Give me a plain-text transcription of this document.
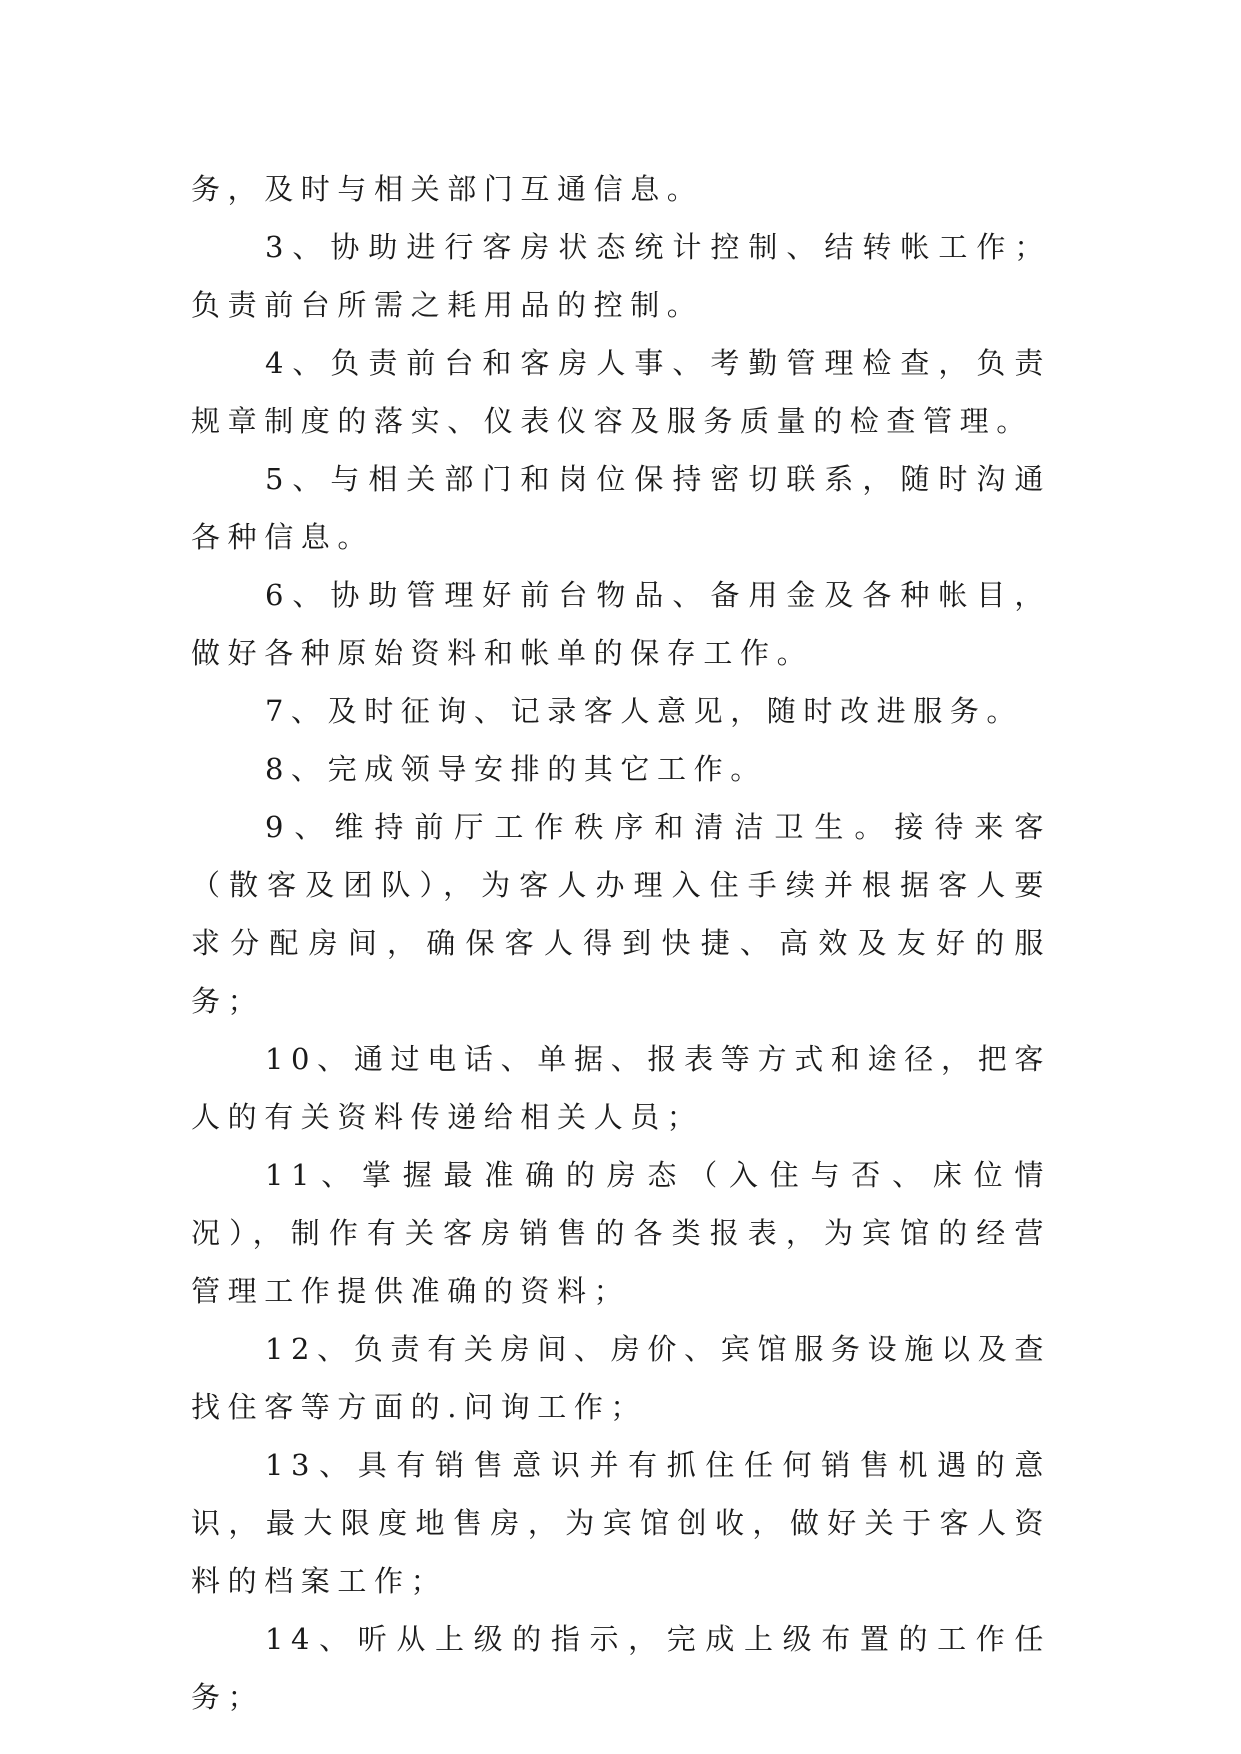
务，及时与相关部门互通信息。

3、协助进行客房状态统计控制、结转帐工作；负责前台所需之耗用品的控制。

4、负责前台和客房人事、考勤管理检查，负责规章制度的落实、仪表仪容及服务质量的检查管理。

5、与相关部门和岗位保持密切联系，随时沟通各种信息。

6、协助管理好前台物品、备用金及各种帐目，做好各种原始资料和帐单的保存工作。

7、及时征询、记录客人意见，随时改进服务。

8、完成领导安排的其它工作。

9、维持前厅工作秩序和清洁卫生。接待来客（散客及团队），为客人办理入住手续并根据客人要求分配房间，确保客人得到快捷、高效及友好的服务；

10、通过电话、单据、报表等方式和途径，把客人的有关资料传递给相关人员；

11、掌握最准确的房态（入住与否、床位情况），制作有关客房销售的各类报表，为宾馆的经营管理工作提供准确的资料；

12、负责有关房间、房价、宾馆服务设施以及查找住客等方面的.问询工作；

13、具有销售意识并有抓住任何销售机遇的意识，最大限度地售房，为宾馆创收，做好关于客人资料的档案工作；

14、听从上级的指示，完成上级布置的工作任务；
